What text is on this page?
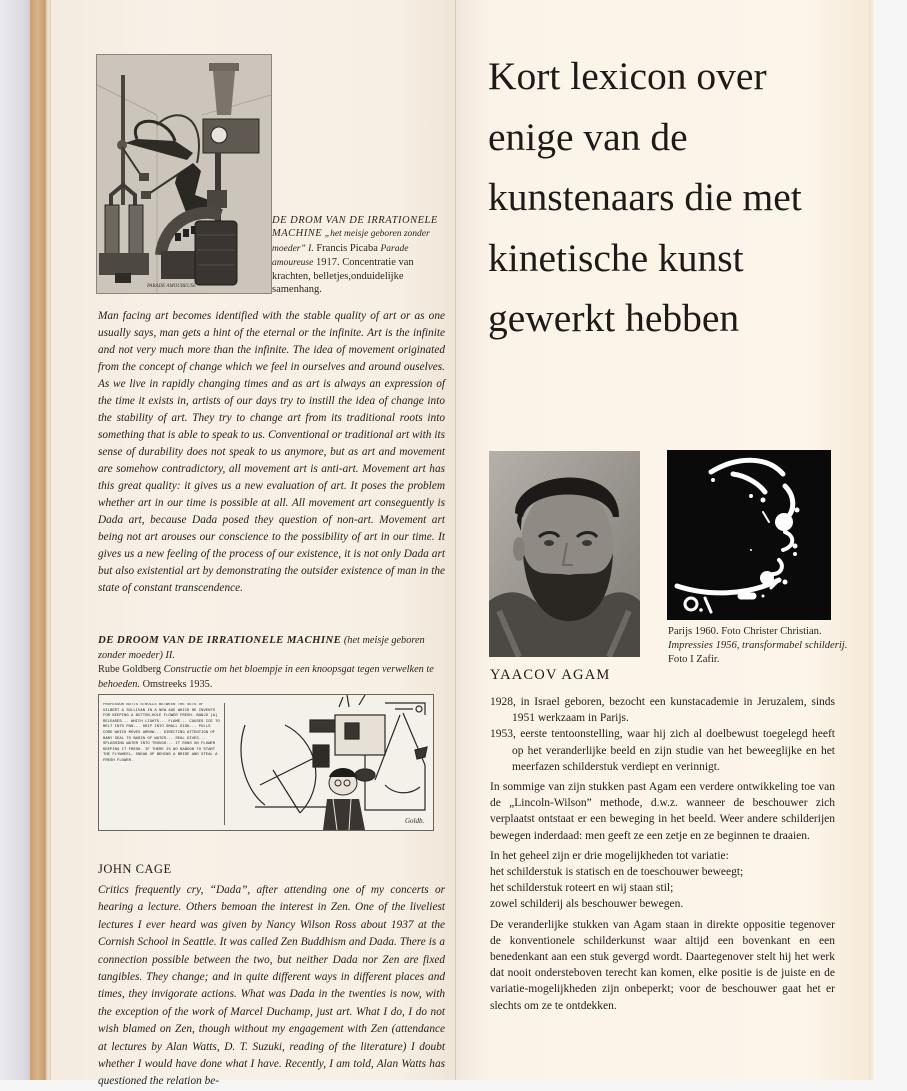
PARADE AMOUREUSE
DE DROM VAN DE IRRATIONELE MACHINE „het meisje geboren zonder moeder” I. Francis Picaba Parade amoureuse 1917. Concentratie van krachten, belletjes,onduidelijke samenhang.
Man facing art becomes identified with the stable quality of art or as one usually says, man gets a hint of the eternal or the infinite. Art is the infinite and not very much more than the infinite. The idea of movement originated from the concept of change which we feel in ourselves and around ouselves. As we live in rapidly changing times and as art is always an expression of the time it exists in, artists of our days try to instill the idea of change into the stability of art. They try to change art from its traditional roots into something that is able to speak to us. Conventional or traditional art with its sense of durability does not speak to us anymore, but as art and movement are somehow contradictory, all movement art is anti-art. Movement art has this great quality: it gives us a new evaluation of art. It poses the problem whether art in our time is possible at all. All movement art conseguently is Dada art, because Dada posed they question of non-art. Movement art being not art arouses our conscience to the possibility of art in our time. It gives us a new feeling of the process of our existence, it is not only Dada art but also existential art by demonstrating the outsider existence of man in the state of constant transcendence.
DE DROOM VAN DE IRRATIONELE MACHINE (het meisje geboren zonder moeder) II.
Rube Goldberg Constructie om het bloempje in een knoopsgat tegen verwelken te behoeden. Omstreeks 1935.
PROFESSOR BUTTS STROLLS BETWEEN THE SETS OF GILBERT & SULLIVAN IN A NEW AGE WHICH HE INVENTS FOR KEEPING A BUTTON-HOLE FLOWER FRESH. BANJO (A) RELEASES... WHICH LIGHTS... FLAME... CAUSES ICE TO MELT INTO PAN... DRIP INTO SMALL DISH... PULLS CORD WHICH MOVES ARROW... DIRECTING ATTENTION OF BABY SEAL TO BASIN OF WATER... SEAL DIVES... SPLASHING WATER INTO TROUGH... IT RUNS ON FLOWER KEEPING IT FRESH. IF THERE IS NO BABOON TO START THE FLYWHEEL, SNEAK UP BEHIND A BRIDE AND STEAL A FRESH FLOWER.
Goldb.
JOHN CAGE
Critics frequently cry, “Dada”, after attending one of my concerts or hearing a lecture. Others bemoan the interest in Zen. One of the liveliest lectures I ever heard was given by Nancy Wilson Ross about 1937 at the Cornish School in Seattle. It was called Zen Buddhism and Dada. There is a connection possible between the two, but neither Dada nor Zen are fixed tangibles. They change; and in quite different ways in different places and times, they invigorate actions. What was Dada in the twenties is now, with the exception of the work of Marcel Duchamp, just art. What I do, I do not wish blamed on Zen, though without my engagement with Zen (attendance at lectures by Alan Watts, D. T. Suzuki, reading of the literature) I doubt whether I would have done what I have. Recently, I am told, Alan Watts has questioned the relation be-
Kort lexicon over
enige van de
kunstenaars die met
kinetische kunst
gewerkt hebben
Parijs 1960. Foto Christer Christian.
Impressies 1956, transformabel schilderij. Foto I Zafir.
YAACOV AGAM
1928, in Israel geboren, bezocht een kunstacademie in Jeruzalem, sinds 1951 werkzaam in Parijs.
1953, eerste tentoonstelling, waar hij zich al doelbewust toegelegd heeft op het veranderlijke beeld en zijn studie van het beweeglijke en het meerfazen schilderstuk verdiept en verinnigt.
In sommige van zijn stukken past Agam een verdere ontwikkeling toe van de „Lincoln-Wilson” methode, d.w.z. wanneer de beschouwer zich verplaatst ontstaat er een beweging in het beeld. Weer andere schilderijen bewegen inderdaad: men geeft ze een zetje en ze beginnen te draaien.
In het geheel zijn er drie mogelijkheden tot variatie:
het schilderstuk is statisch en de toeschouwer beweegt;
het schilderstuk roteert en wij staan stil;
zowel schilderij als beschouwer bewegen.
De veranderlijke stukken van Agam staan in direkte oppositie tegenover de konventionele schilderkunst waar altijd een bovenkant en een benedenkant aan een stuk gevergd wordt. Daartegenover stelt hij het werk dat nooit ondersteboven terecht kan komen, elke positie is de juiste en de variatie-mogelijkheden zijn onbeperkt; voor de beschouwer gaat het er slechts om ze te ontdekken.
